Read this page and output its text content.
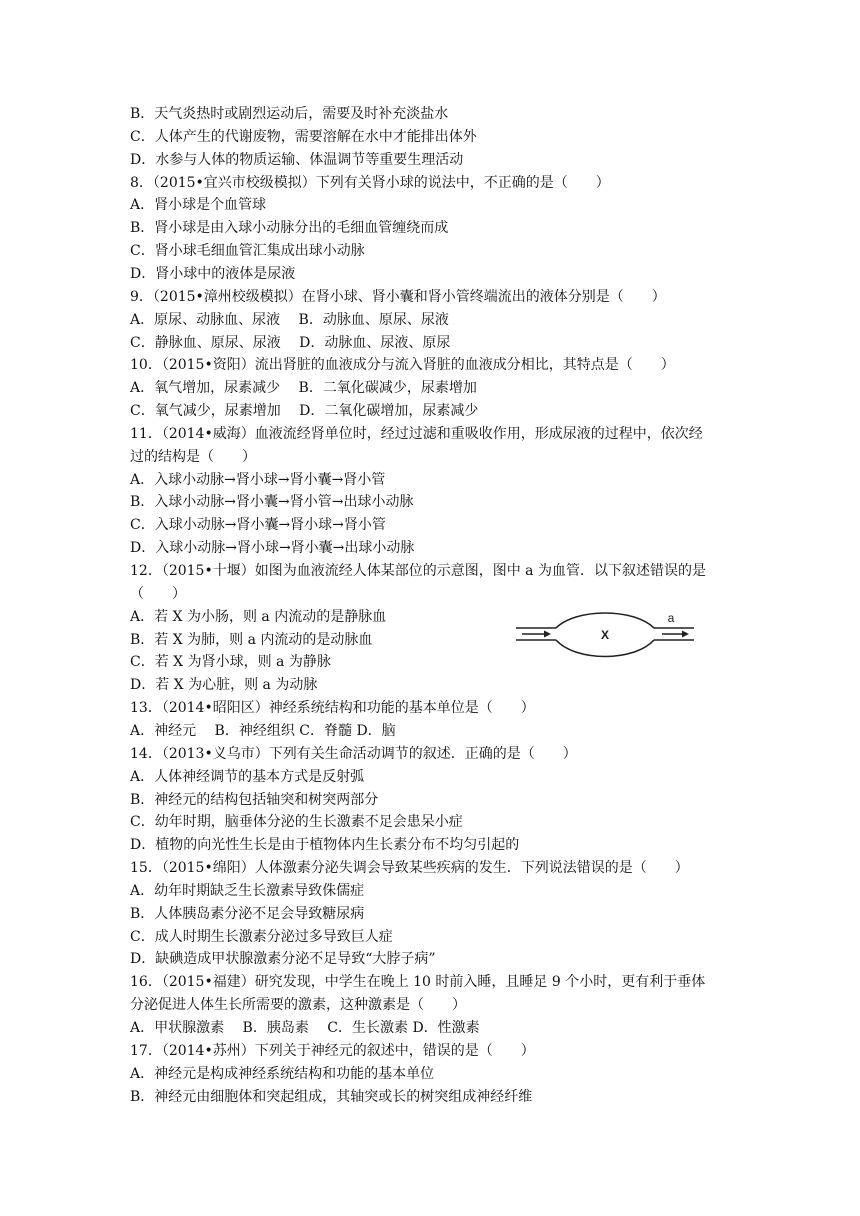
B．天气炎热时或剧烈运动后，需要及时补充淡盐水
C．人体产生的代谢废物，需要溶解在水中才能排出体外
D．水参与人体的物质运输、体温调节等重要生理活动
8．（2015•宜兴市校级模拟）下列有关肾小球的说法中，不正确的是（　　）
A．肾小球是个血管球
B．肾小球是由入球小动脉分出的毛细血管缠绕而成
C．肾小球毛细血管汇集成出球小动脉
D．肾小球中的液体是尿液
9．（2015•漳州校级模拟）在肾小球、肾小囊和肾小管终端流出的液体分别是（　　）
A．原尿、动脉血、尿液　 B．动脉血、原尿、尿液
C．静脉血、原尿、尿液　 D．动脉血、尿液、原尿
10．（2015•资阳）流出肾脏的血液成分与流入肾脏的血液成分相比，其特点是（　　）
A．氧气增加，尿素减少　 B．二氧化碳减少，尿素增加
C．氧气减少，尿素增加　 D．二氧化碳增加，尿素减少
11．（2014•威海）血液流经肾单位时，经过过滤和重吸收作用，形成尿液的过程中，依次经
过的结构是（　　）
A．入球小动脉→肾小球→肾小囊→肾小管
B．入球小动脉→肾小囊→肾小管→出球小动脉
C．入球小动脉→肾小囊→肾小球→肾小管
D．入球小动脉→肾小球→肾小囊→出球小动脉
12．（2015•十堰）如图为血液流经人体某部位的示意图，图中 a 为血管．以下叙述错误的是
（　　）
A．若 X 为小肠，则 a 内流动的是静脉血
B．若 X 为肺，则 a 内流动的是动脉血
C．若 X 为肾小球，则 a 为静脉
D．若 X 为心脏，则 a 为动脉
13．（2014•昭阳区）神经系统结构和功能的基本单位是（　　）
A．神经元　 B．神经组织 C．脊髓 D．脑
14．（2013•义乌市）下列有关生命活动调节的叙述．正确的是（　　）
A．人体神经调节的基本方式是反射弧
B．神经元的结构包括轴突和树突两部分
C．幼年时期，脑垂体分泌的生长激素不足会患呆小症
D．植物的向光性生长是由于植物体内生长素分布不均匀引起的
15．（2015•绵阳）人体激素分泌失调会导致某些疾病的发生．下列说法错误的是（　　）
A．幼年时期缺乏生长激素导致侏儒症
B．人体胰岛素分泌不足会导致糖尿病
C．成人时期生长激素分泌过多导致巨人症
D．缺碘造成甲状腺激素分泌不足导致“大脖子病”
16．（2015•福建）研究发现，中学生在晚上 10 时前入睡，且睡足 9 个小时，更有利于垂体
分泌促进人体生长所需要的激素，这种激素是（　　）
A．甲状腺激素　 B．胰岛素　 C．生长激素 D．性激素
17．（2014•苏州）下列关于神经元的叙述中，错误的是（　　）
A．神经元是构成神经系统结构和功能的基本单位
B．神经元由细胞体和突起组成，其轴突或长的树突组成神经纤维
X
a
